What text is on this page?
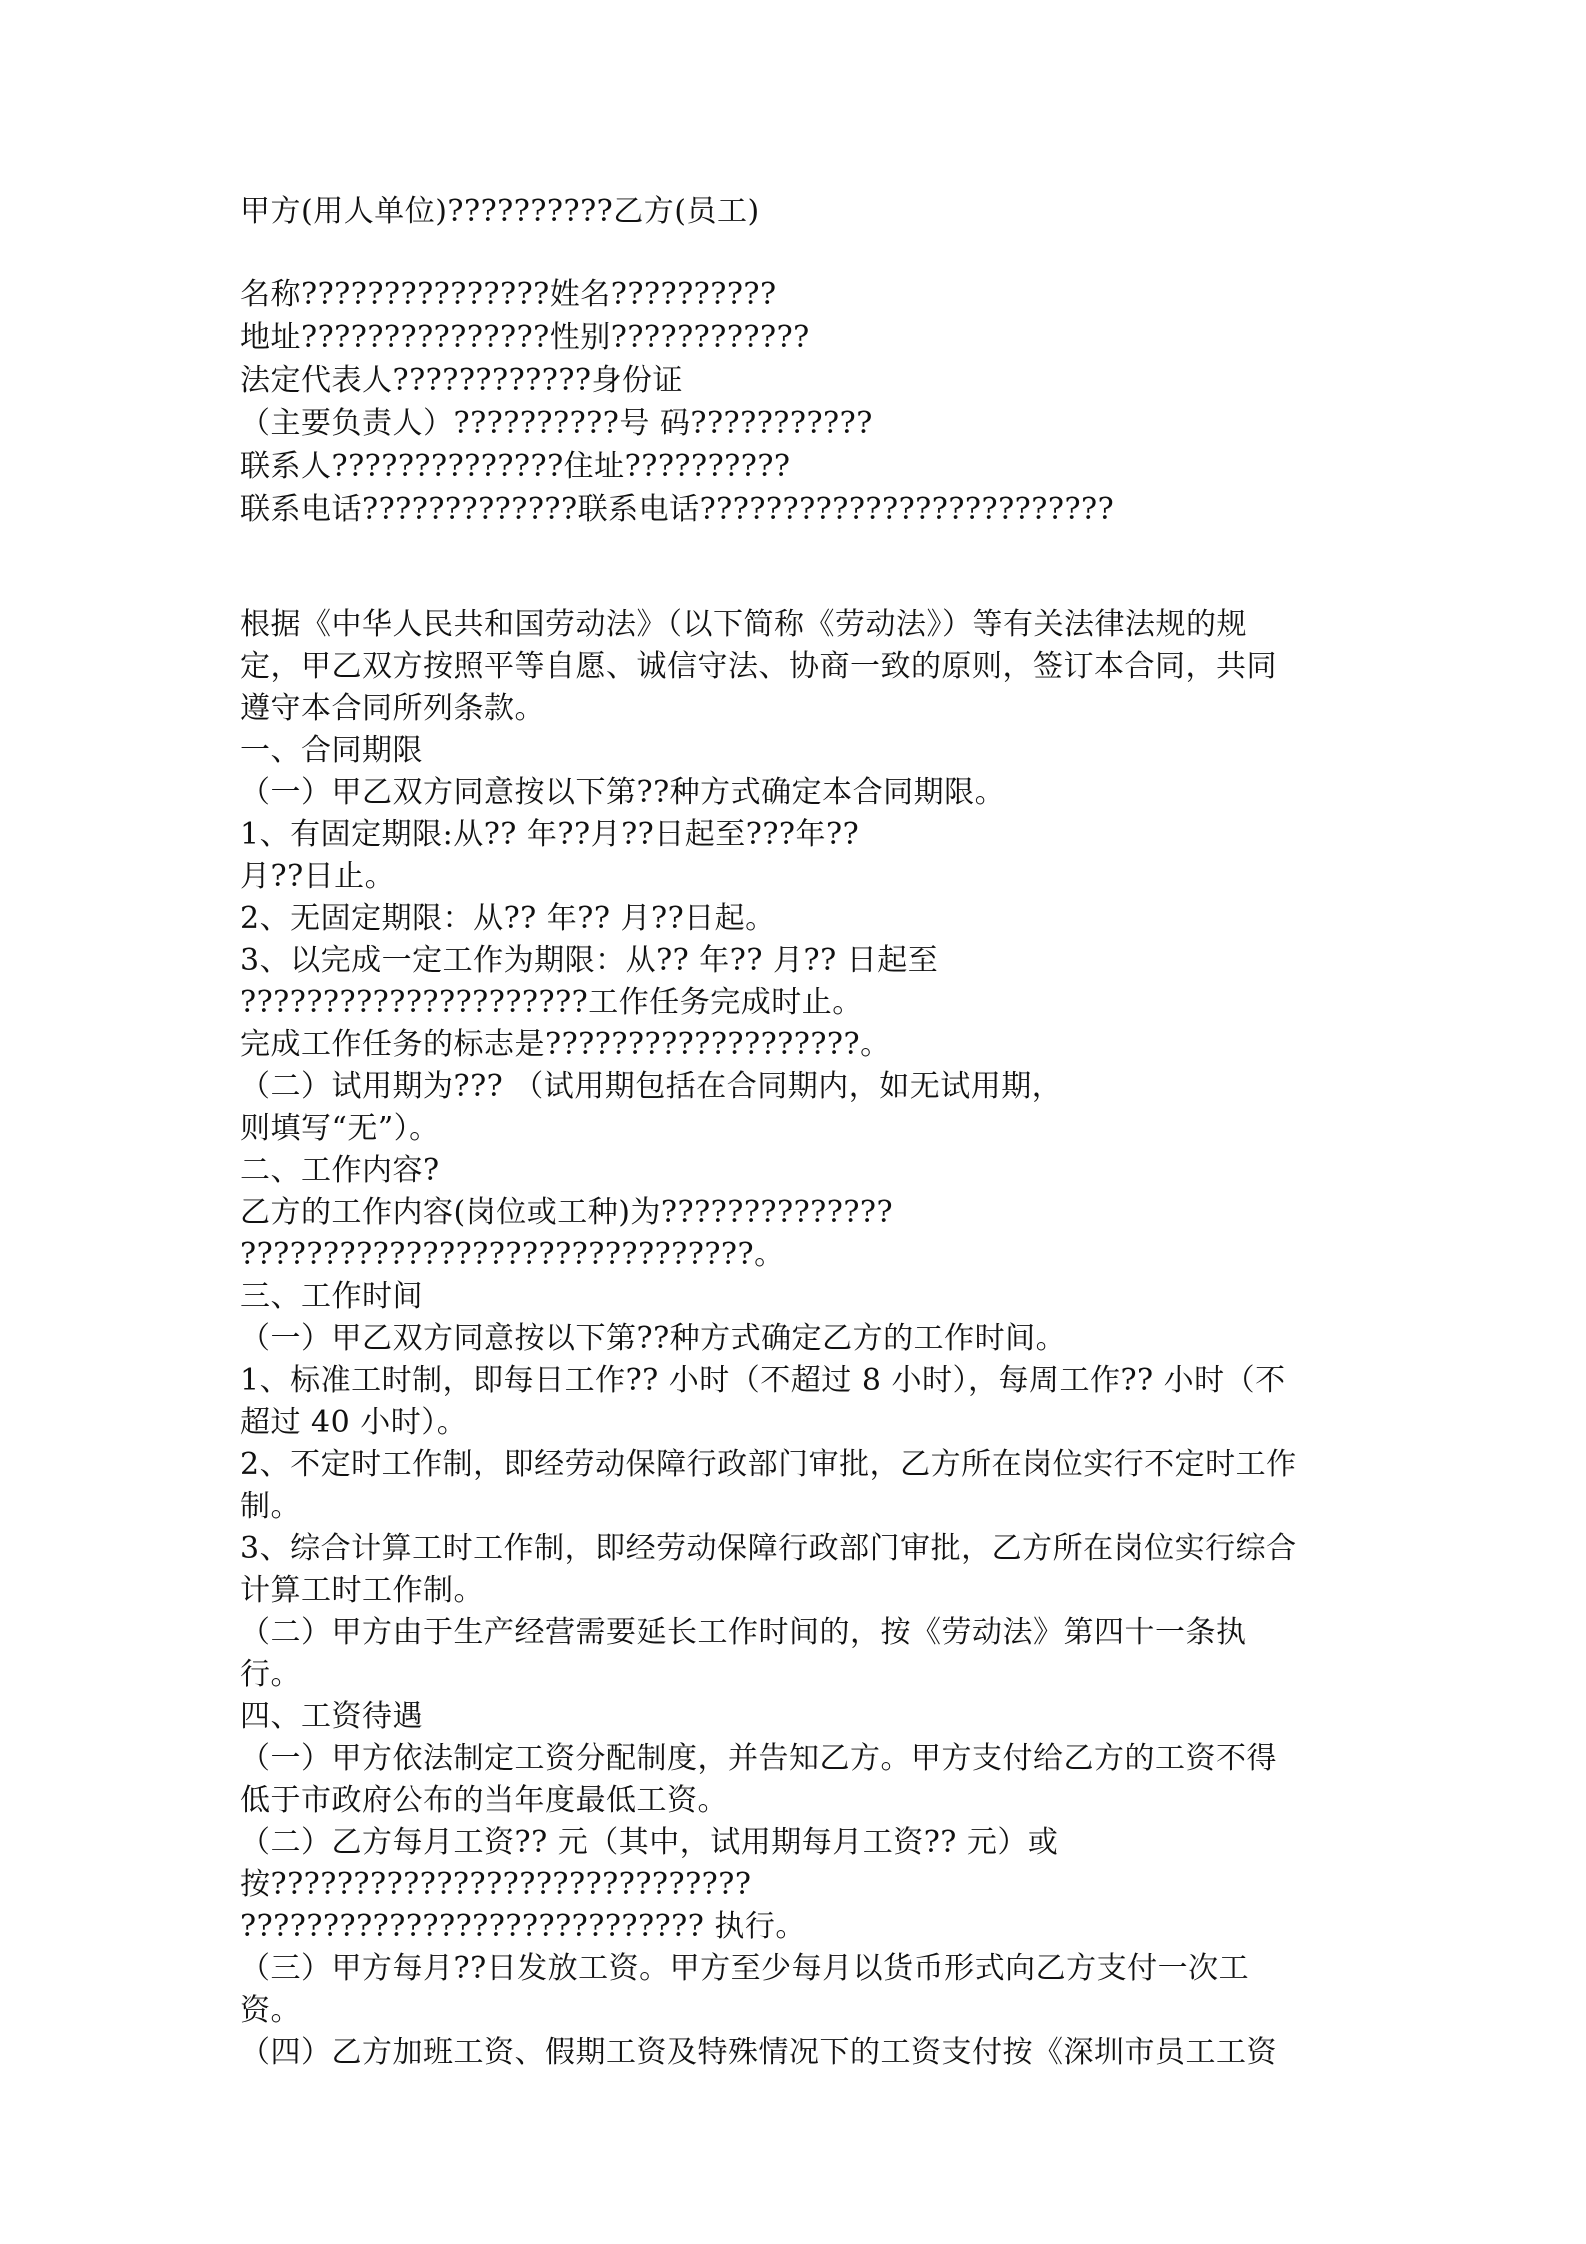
甲方(用人单位)??????????乙方(员工)
名称???????????????姓名??????????
地址???????????????性别????????????
法定代表人????????????身份证
（主要负责人）??????????号 码???????????
联系人??????????????住址??????????
联系电话?????????????联系电话?????????????????????????
根据《中华人民共和国劳动法》（以下简称《劳动法》）等有关法律法规的规
定，甲乙双方按照平等自愿、诚信守法、协商一致的原则，签订本合同，共同
遵守本合同所列条款。
一、合同期限
（一）甲乙双方同意按以下第??种方式确定本合同期限。
1、有固定期限:从?? 年??月??日起至???年??
月??日止。
2、无固定期限：从?? 年?? 月??日起。
3、以完成一定工作为期限：从?? 年?? 月?? 日起至
?????????????????????工作任务完成时止。
完成工作任务的标志是???????????????????。
（二）试用期为??? （试用期包括在合同期内，如无试用期，
则填写“无”）。
二、工作内容?
乙方的工作内容(岗位或工种)为??????????????
???????????????????????????????。
三、工作时间
（一）甲乙双方同意按以下第??种方式确定乙方的工作时间。
1、标准工时制，即每日工作?? 小时（不超过 8 小时），每周工作?? 小时（不
超过 40 小时）。
2、不定时工作制，即经劳动保障行政部门审批，乙方所在岗位实行不定时工作
制。
3、综合计算工时工作制，即经劳动保障行政部门审批，乙方所在岗位实行综合
计算工时工作制。
（二）甲方由于生产经营需要延长工作时间的，按《劳动法》第四十一条执
行。
四、工资待遇
（一）甲方依法制定工资分配制度，并告知乙方。甲方支付给乙方的工资不得
低于市政府公布的当年度最低工资。
（二）乙方每月工资?? 元（其中，试用期每月工资?? 元）或
按?????????????????????????????
???????????????????????????? 执行。
（三）甲方每月??日发放工资。甲方至少每月以货币形式向乙方支付一次工
资。
（四）乙方加班工资、假期工资及特殊情况下的工资支付按《深圳市员工工资
